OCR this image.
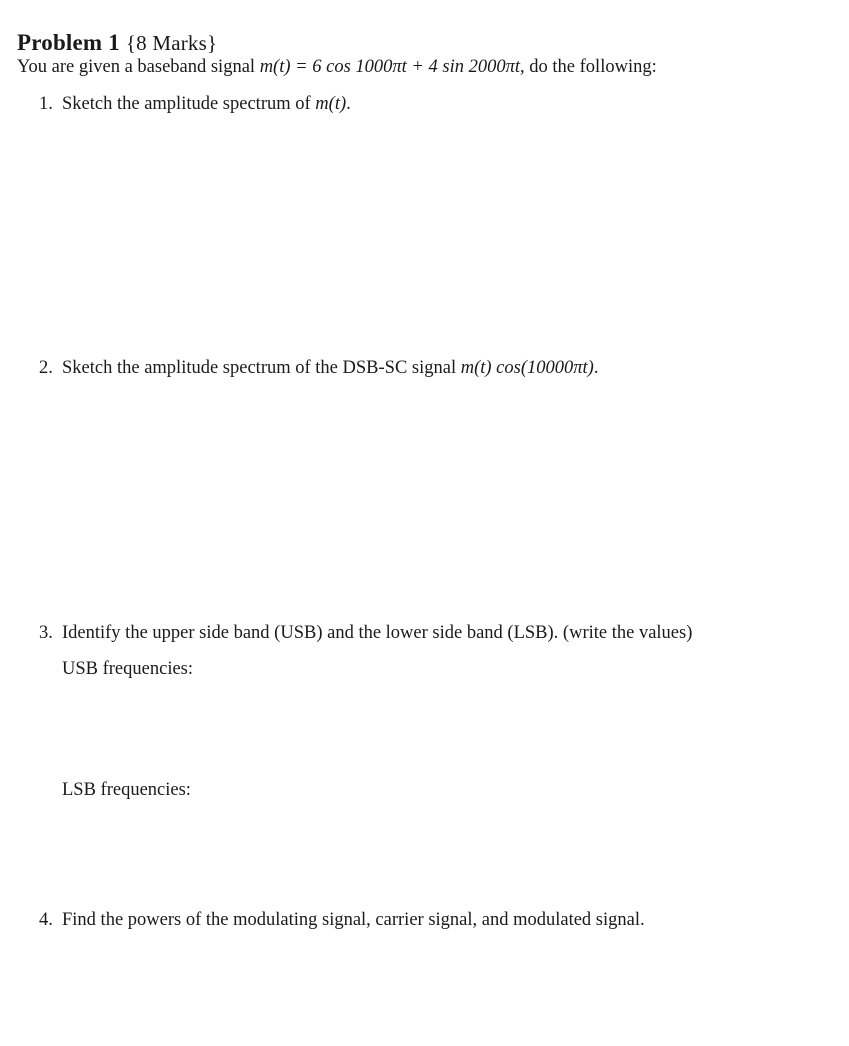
Problem 1 {8 Marks}
You are given a baseband signal m(t) = 6 cos 1000πt + 4 sin 2000πt, do the following:
1. Sketch the amplitude spectrum of m(t).
2. Sketch the amplitude spectrum of the DSB-SC signal m(t) cos(10000πt).
3. Identify the upper side band (USB) and the lower side band (LSB). (write the values)
USB frequencies:
LSB frequencies:
4. Find the powers of the modulating signal, carrier signal, and modulated signal.
